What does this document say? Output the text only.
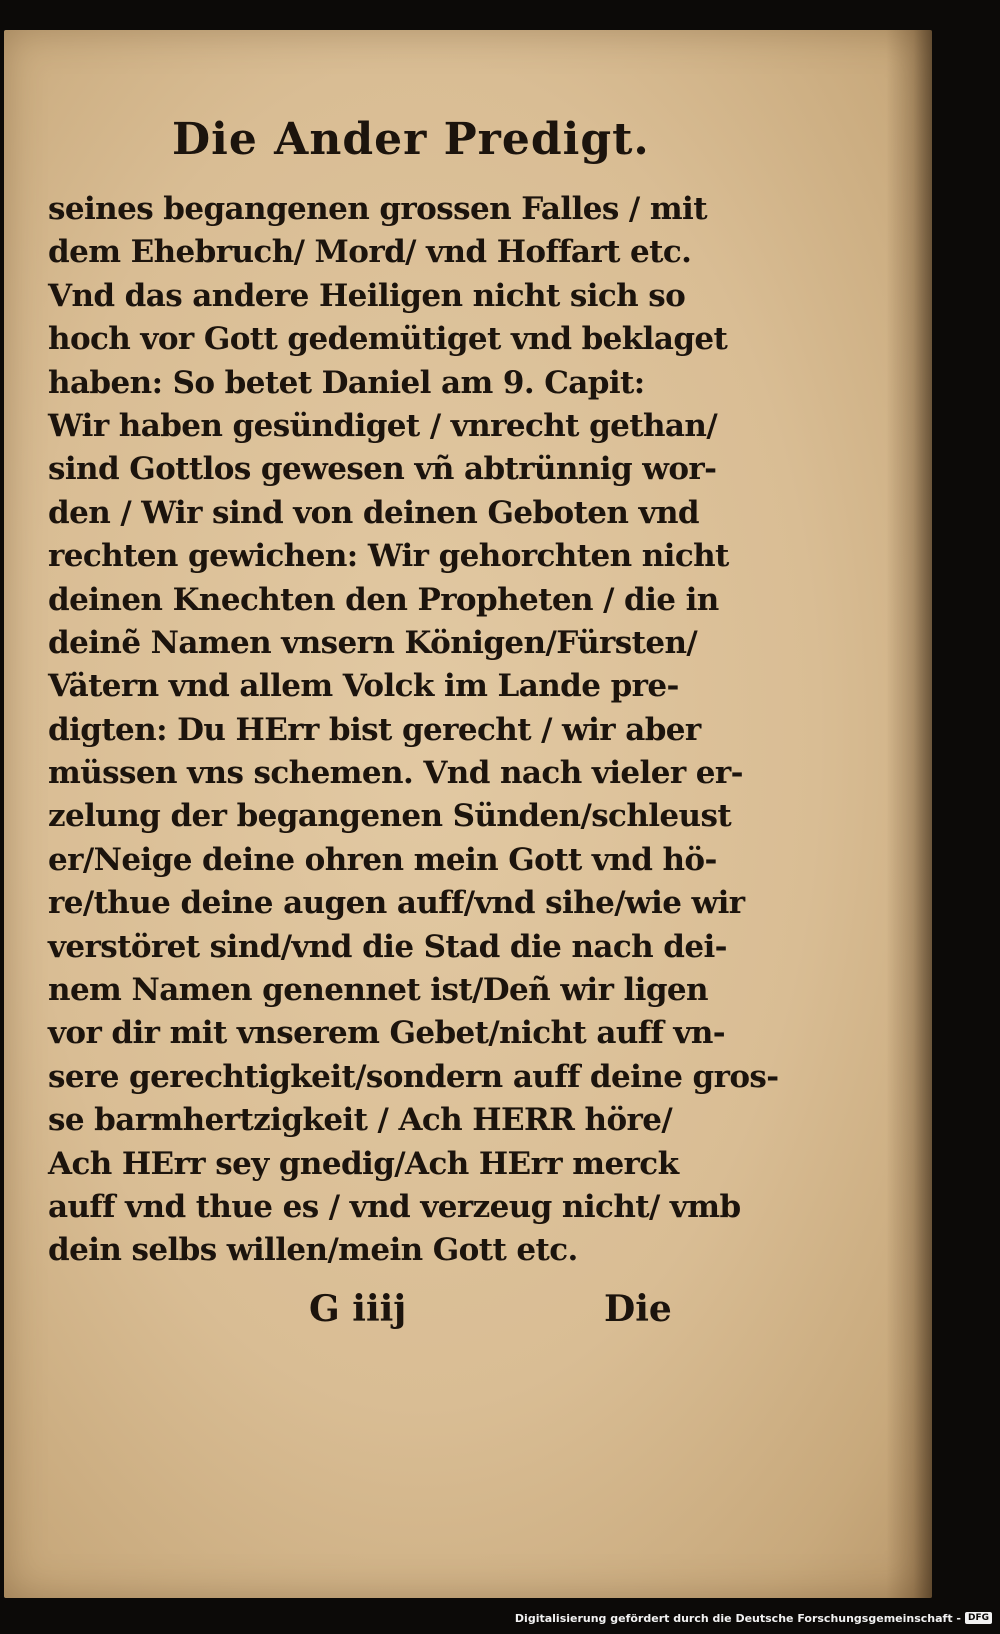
Die Ander Predigt.
seines begangenen grossen Falles / mit
dem Ehebruch/ Mord/ vnd Hoffart etc.
Vnd das andere Heiligen nicht sich so
hoch vor Gott gedemütiget vnd beklaget
haben: So betet Daniel am 9. Capit:
Wir haben gesündiget / vnrecht gethan/
sind Gottlos gewesen vñ abtrünnig wor-
den / Wir sind von deinen Geboten vnd
rechten gewichen: Wir gehorchten nicht
deinen Knechten den Propheten / die in
deinẽ Namen vnsern Königen/Fürsten/
Vätern vnd allem Volck im Lande pre-
digten: Du HErr bist gerecht / wir aber
müssen vns schemen. Vnd nach vieler er-
zelung der begangenen Sünden/schleust
er/Neige deine ohren mein Gott vnd hö-
re/thue deine augen auff/vnd sihe/wie wir
verstöret sind/vnd die Stad die nach dei-
nem Namen genennet ist/Deñ wir ligen
vor dir mit vnserem Gebet/nicht auff vn-
sere gerechtigkeit/sondern auff deine gros-
se barmhertzigkeit / Ach HERR höre/
Ach HErr sey gnedig/Ach HErr merck
auff vnd thue es / vnd verzeug nicht/ vmb
dein selbs willen/mein Gott etc.
G iiij	Die
Digitalisierung gefördert durch die Deutsche Forschungsgemeinschaft - DFG
